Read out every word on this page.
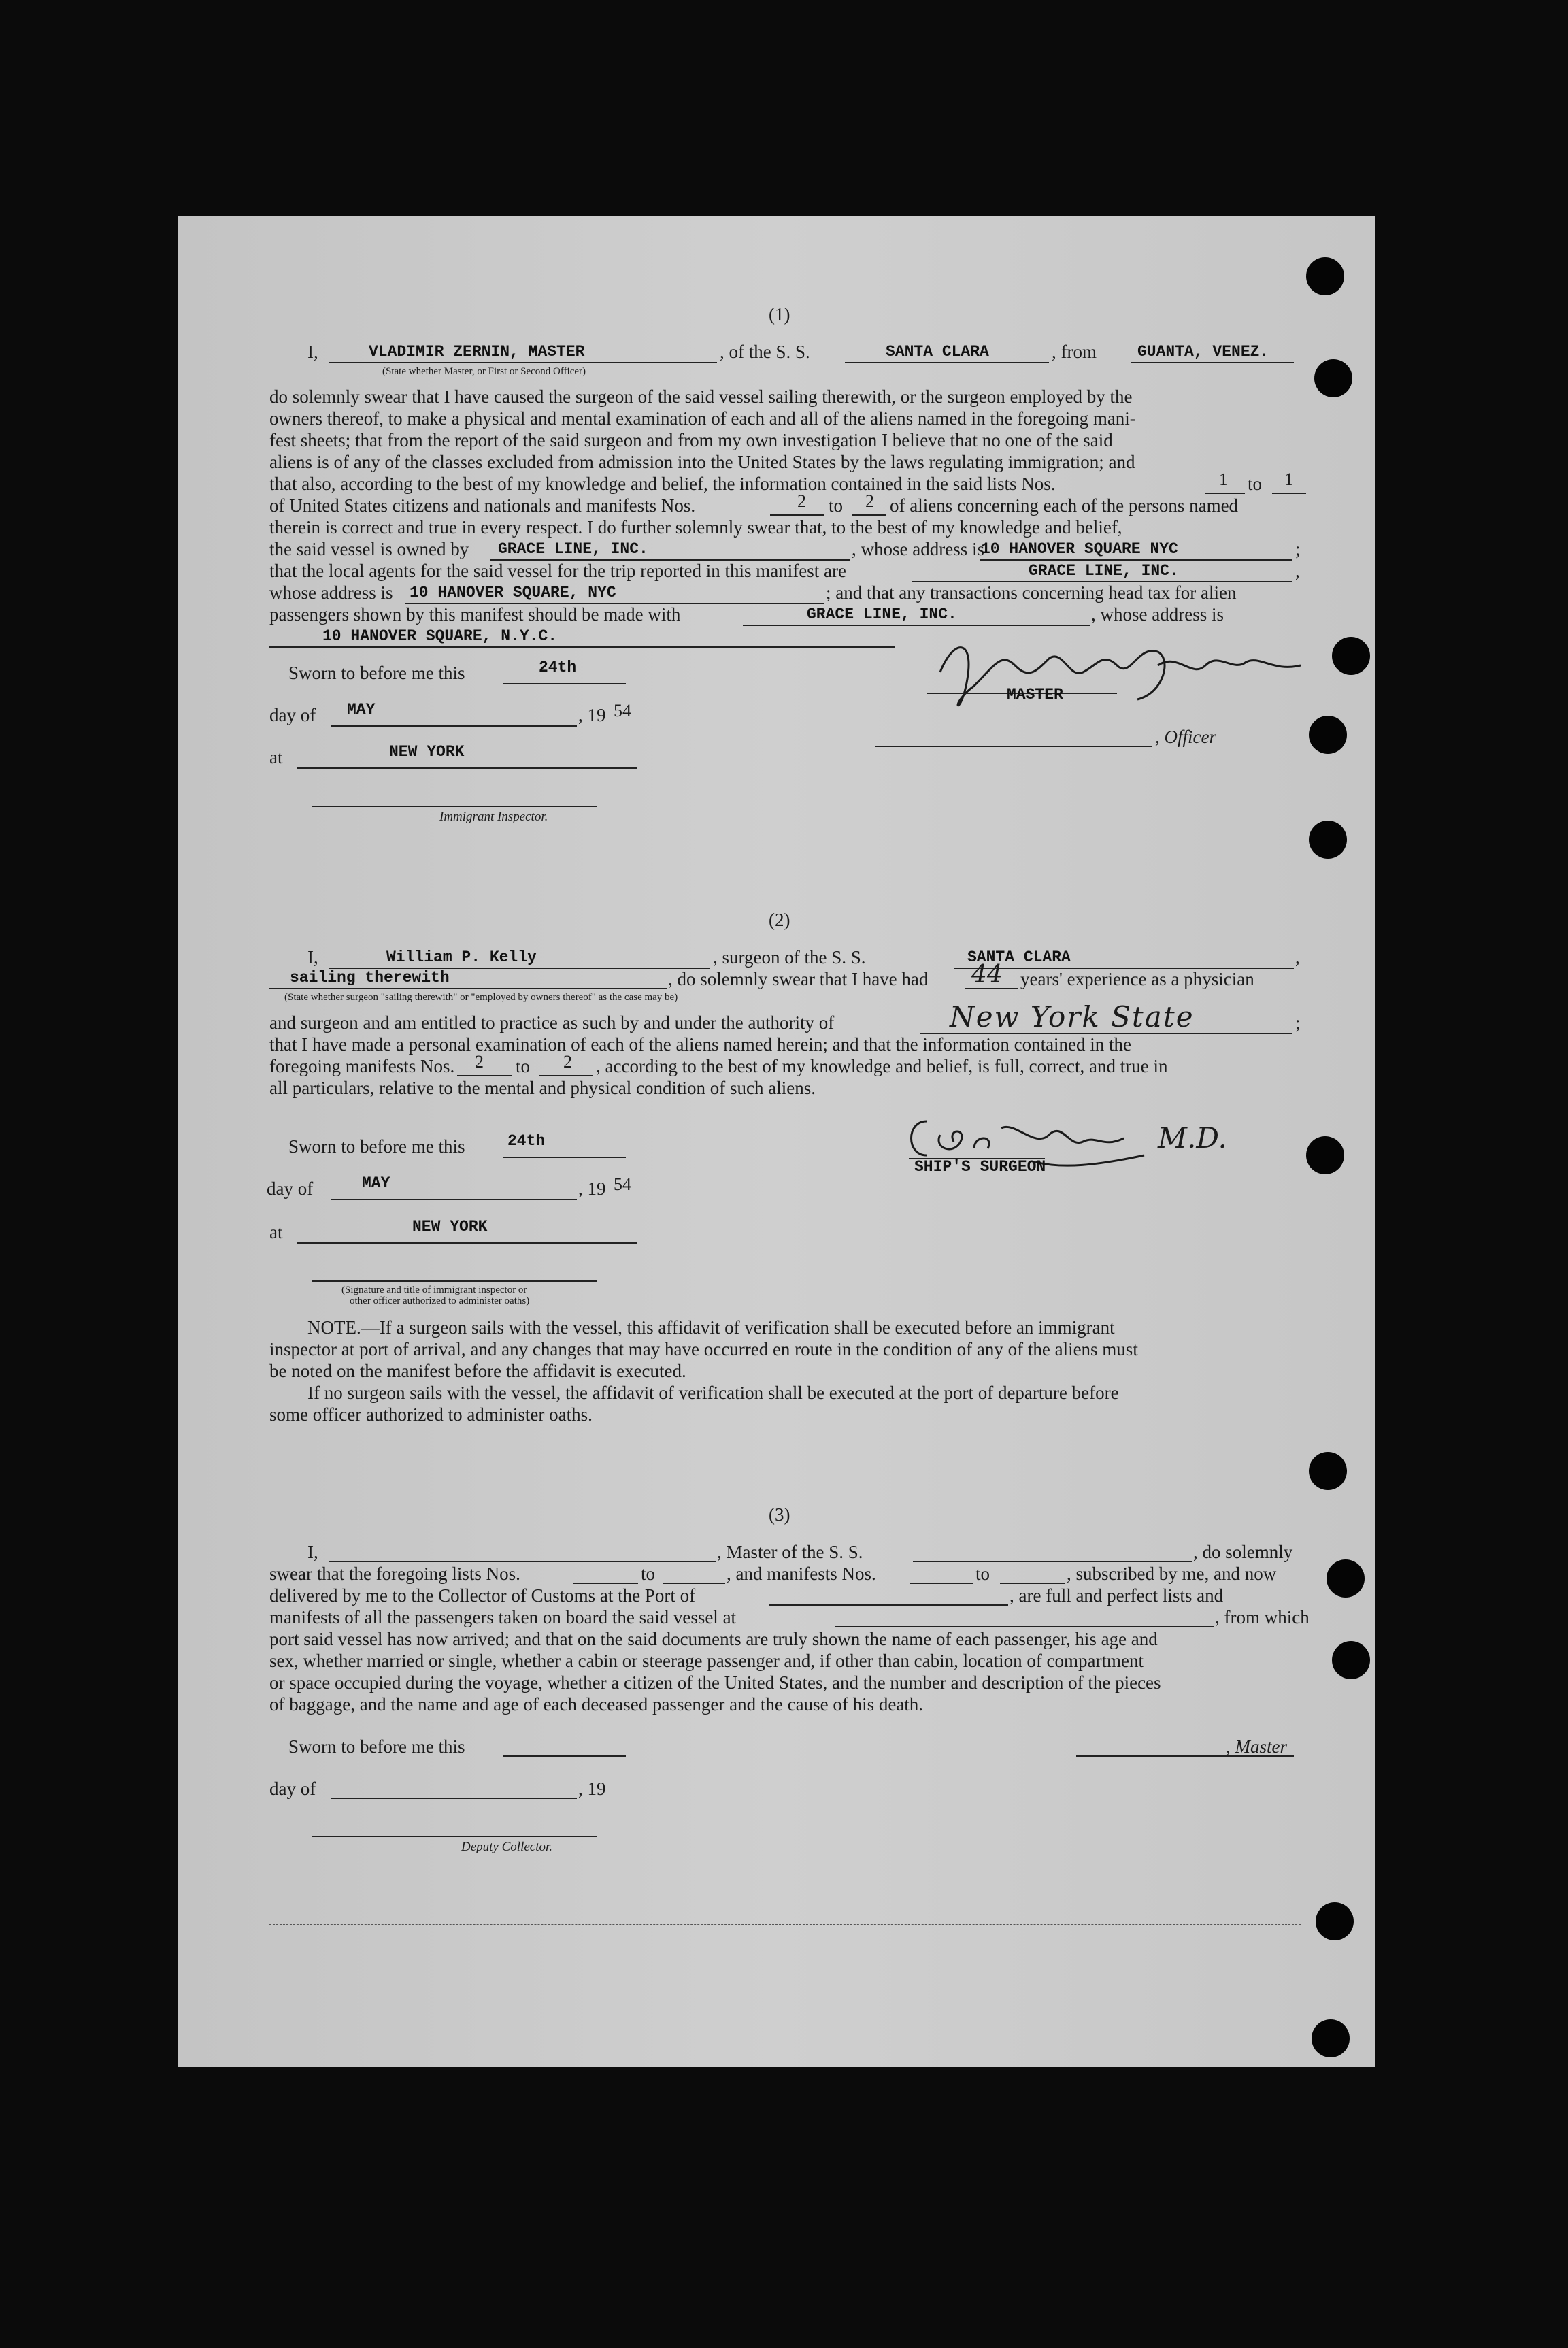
(1)
I,	VLADIMIR ZERNIN, MASTER	, of the S. S.	SANTA CLARA	, from	GUANTA, VENEZ.
(State whether Master, or First or Second Officer)
do solemnly swear that I have caused the surgeon of the said vessel sailing therewith, or the surgeon employed by the
owners thereof, to make a physical and mental examination of each and all of the aliens named in the foregoing mani-
fest sheets; that from the report of the said surgeon and from my own investigation I believe that no one of the said
aliens is of any of the classes excluded from admission into the United States by the laws regulating immigration; and
that also, according to the best of my knowledge and belief, the information contained in the said lists Nos.	1 to 1
of United States citizens and nationals and manifests Nos.	2 to 2 of aliens concerning each of the persons named
therein is correct and true in every respect. I do further solemnly swear that, to the best of my knowledge and belief,
the said vessel is owned by GRACE LINE, INC.	, whose address is
10 HANOVER SQUARE NYC	;
that the local agents for the said vessel for the trip reported in this manifest are	GRACE LINE, INC.	,
whose address is 10 HANOVER SQUARE, NYC	; and that any transactions concerning head tax for alien
passengers shown by this manifest should be made with	GRACE LINE, INC.	, whose address is
10 HANOVER SQUARE, N.Y.C.
Sworn to before me this	24th
day of MAY	, 19 54
at	NEW YORK
Immigrant Inspector.
MASTER
, Officer
(2)
I,	William P. Kelly	, surgeon of the S. S.	SANTA CLARA	,
sailing therewith	, do solemnly swear that I have had 44 years' experience as a physician
(State whether surgeon "sailing therewith" or "employed by owners thereof" as the case may be)
and surgeon and am entitled to practice as such by and under the authority of	New York State	;
that I have made a personal examination of each of the aliens named herein; and that the information contained in the
foregoing manifests Nos. 2 to 2 , according to the best of my knowledge and belief, is full, correct, and true in
all particulars, relative to the mental and physical condition of such aliens.
Sworn to before me this	24th
day of	MAY	, 19 54
at	NEW YORK
(Signature and title of immigrant inspector or
other officer authorized to administer oaths)
M.D.
SHIP'S SURGEON
NOTE.—If a surgeon sails with the vessel, this affidavit of verification shall be executed before an immigrant
inspector at port of arrival, and any changes that may have occurred en route in the condition of any of the aliens must
be noted on the manifest before the affidavit is executed.
If no surgeon sails with the vessel, the affidavit of verification shall be executed at the port of departure before
some officer authorized to administer oaths.
(3)
I,	, Master of the S. S.	, do solemnly
swear that the foregoing lists Nos.	to	, and manifests Nos.	to	, subscribed by me, and now
delivered by me to the Collector of Customs at the Port of	, are full and perfect lists and
manifests of all the passengers taken on board the said vessel at	, from which
port said vessel has now arrived; and that on the said documents are truly shown the name of each passenger, his age and
sex, whether married or single, whether a cabin or steerage passenger and, if other than cabin, location of compartment
or space occupied during the voyage, whether a citizen of the United States, and the number and description of the pieces
of baggage, and the name and age of each deceased passenger and the cause of his death.
Sworn to before me this	, Master
day of	, 19
Deputy Collector.
